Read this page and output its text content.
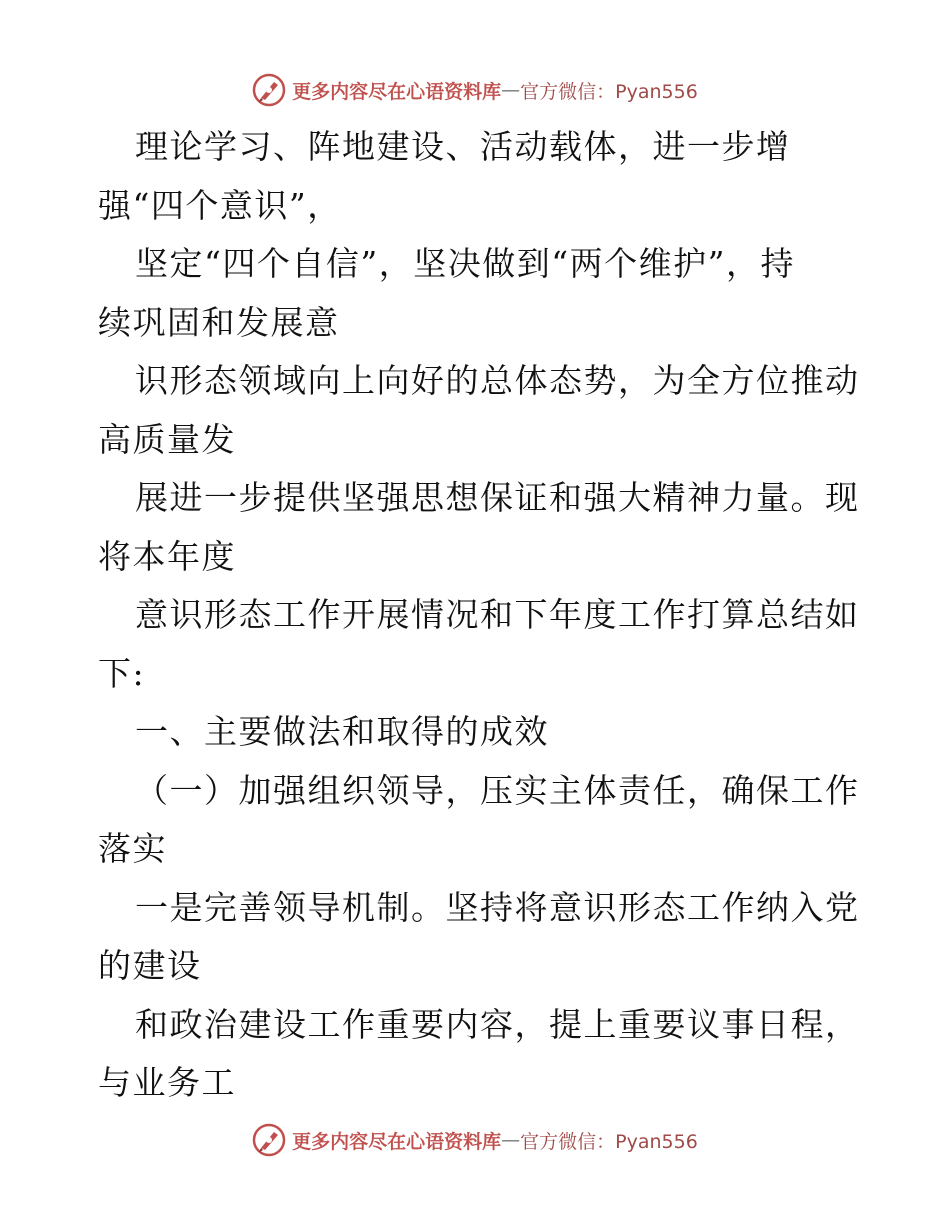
更多内容尽在心语资料库 — 官方微信：Pyan556
理论学习、阵地建设、活动载体，进一步增
强“四个意识”，
坚定“四个自信”，坚决做到“两个维护”，持
续巩固和发展意
识形态领域向上向好的总体态势，为全方位推动
高质量发
展进一步提供坚强思想保证和强大精神力量。现
将本年度
意识形态工作开展情况和下年度工作打算总结如
下:
一、主要做法和取得的成效
（一）加强组织领导，压实主体责任，确保工作
落实
一是完善领导机制。坚持将意识形态工作纳入党
的建设
和政治建设工作重要内容，提上重要议事日程，
与业务工
更多内容尽在心语资料库 — 官方微信：Pyan556
